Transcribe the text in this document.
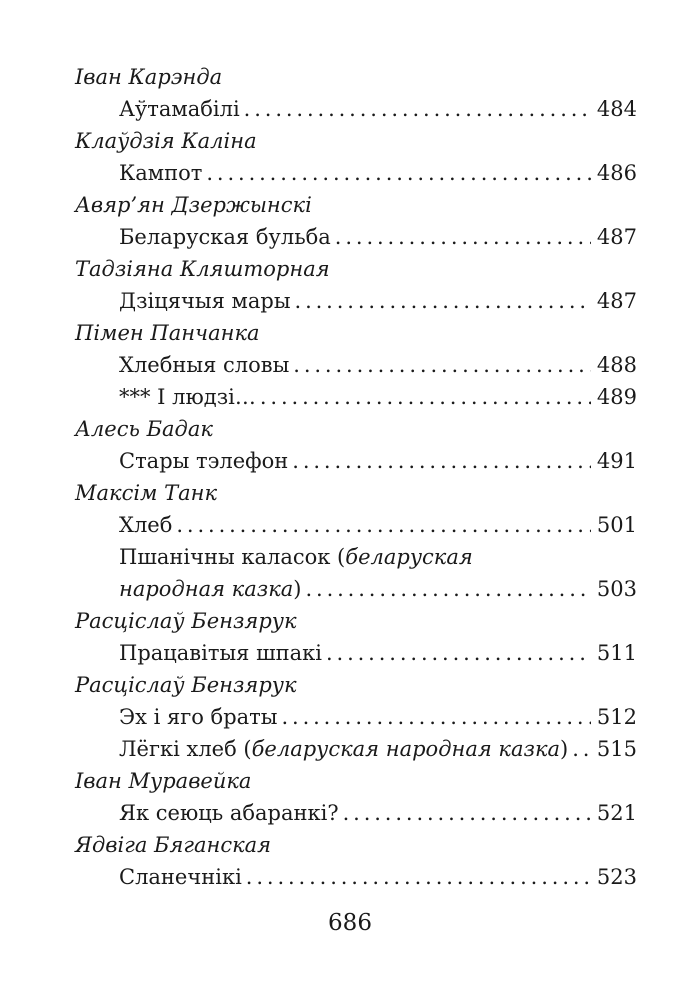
Іван Карэнда
Аўтамабілі . . .	484
Клаўдзія Каліна
Кампот . . .	486
Авяр’ян Дзержынскі
Беларуская бульба . . .	487
Тадзіяна Кляшторная
Дзіцячыя мары . . .	487
Пімен Панчанка
Хлебныя словы . . .	488
*** І людзі… . . .	489
Алесь Бадак
Стары тэлефон . . .	491
Максім Танк
Хлеб . . .	501
Пшанічны каласок (беларуская
народная казка) . . .	503
Расціслаў Бензярук
Працавітыя шпакі . . .	511
Расціслаў Бензярук
Эх і яго браты . . .	512
Лёгкі хлеб (беларуская народная казка) . . . 515
Іван Муравейка
Як сеюць абаранкі? . . .	521
Ядвіга Бяганская
Сланечнікі . . .	523
686
